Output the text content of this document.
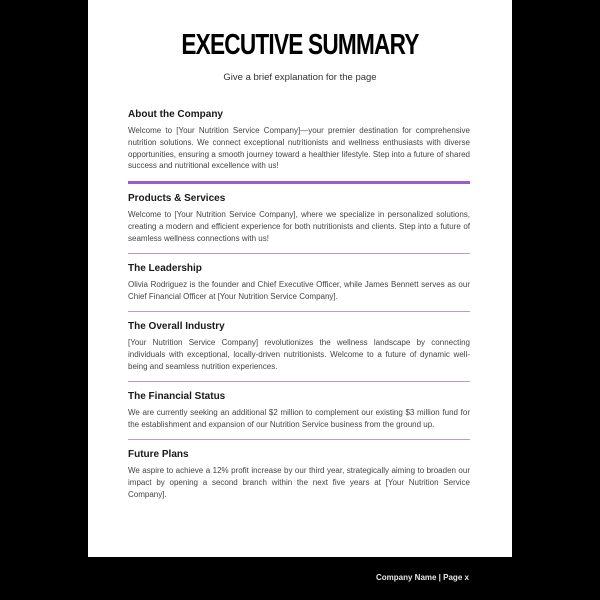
EXECUTIVE SUMMARY
Give a brief explanation for the page
About the Company

Welcome to [Your Nutrition Service Company]—your premier destination for comprehensive nutrition solutions. We connect exceptional nutritionists and wellness enthusiasts with diverse opportunities, ensuring a smooth journey toward a healthier lifestyle. Step into a future of shared success and nutritional excellence with us!

Products & Services

Welcome to [Your Nutrition Service Company], where we specialize in personalized solutions, creating a modern and efficient experience for both nutritionists and clients. Step into a future of seamless wellness connections with us!

The Leadership

Olivia Rodriguez is the founder and Chief Executive Officer, while James Bennett serves as our Chief Financial Officer at [Your Nutrition Service Company].

The Overall Industry

[Your Nutrition Service Company] revolutionizes the wellness landscape by connecting individuals with exceptional, locally-driven nutritionists. Welcome to a future of dynamic well-being and seamless nutrition experiences.

The Financial Status

We are currently seeking an additional $2 million to complement our existing $3 million fund for the establishment and expansion of our Nutrition Service business from the ground up.

Future Plans

We aspire to achieve a 12% profit increase by our third year, strategically aiming to broaden our impact by opening a second branch within the next five years at [Your Nutrition Service Company].

Company Name | Page x
